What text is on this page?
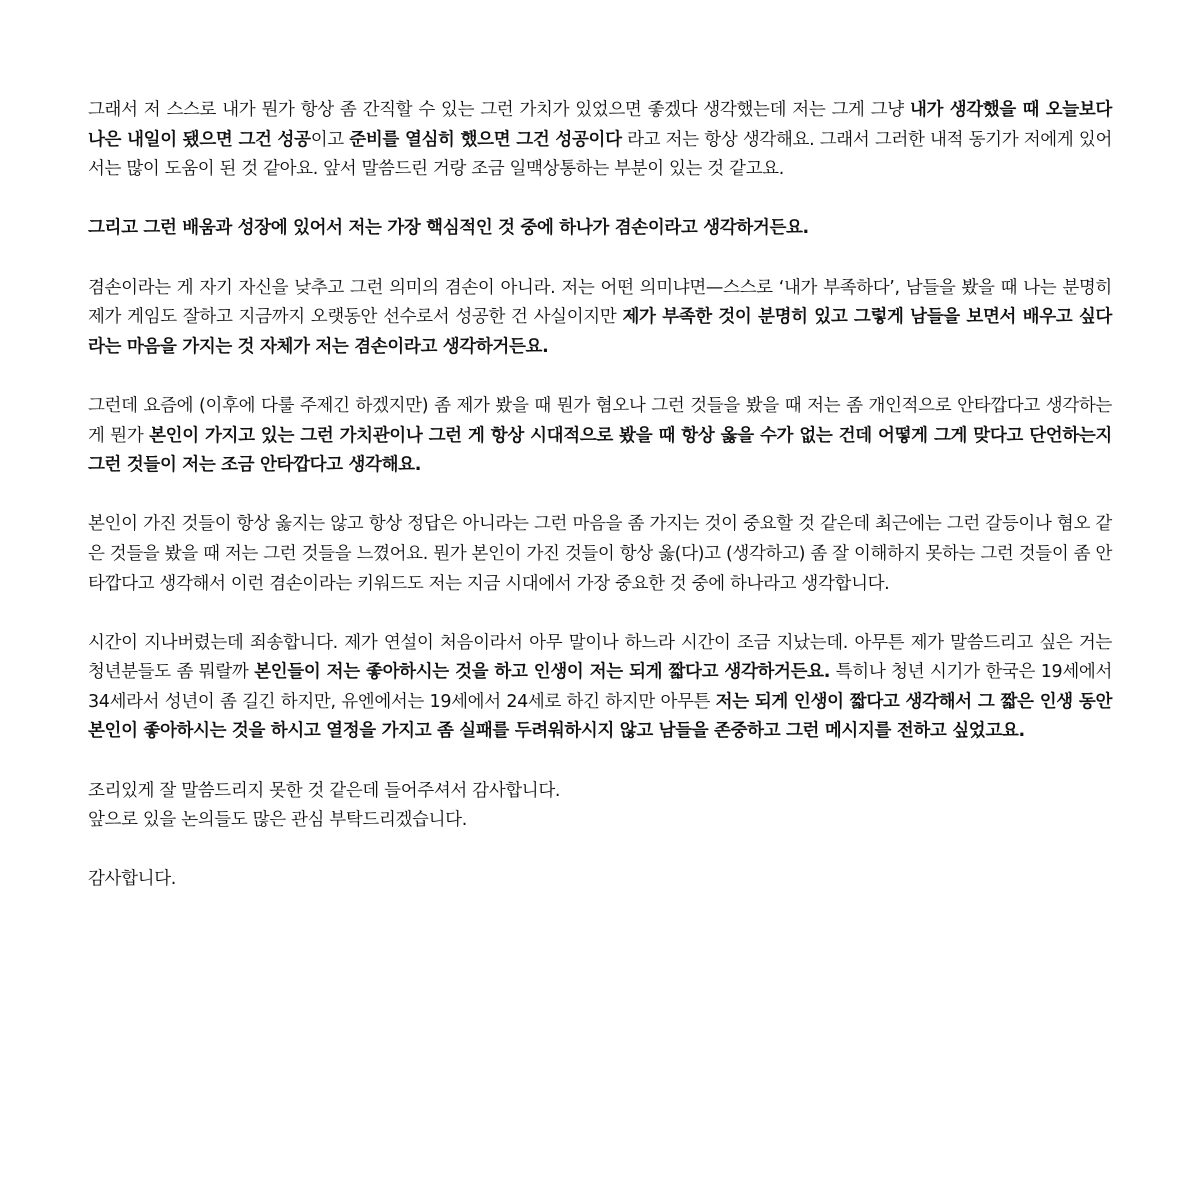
그래서 저 스스로 내가 뭔가 항상 좀 간직할 수 있는 그런 가치가 있었으면 좋겠다 생각했는데 저는 그게 그냥 내가 생각했을 때 오늘보다 나은 내일이 됐으면 그건 성공이고 준비를 열심히 했으면 그건 성공이다 라고 저는 항상 생각해요. 그래서 그러한 내적 동기가 저에게 있어서는 많이 도움이 된 것 같아요. 앞서 말씀드린 거랑 조금 일맥상통하는 부분이 있는 것 같고요.

그리고 그런 배움과 성장에 있어서 저는 가장 핵심적인 것 중에 하나가 겸손이라고 생각하거든요.

겸손이라는 게 자기 자신을 낮추고 그런 의미의 겸손이 아니라. 저는 어떤 의미냐면—스스로 ‘내가 부족하다’, 남들을 봤을 때 나는 분명히 제가 게임도 잘하고 지금까지 오랫동안 선수로서 성공한 건 사실이지만 제가 부족한 것이 분명히 있고 그렇게 남들을 보면서 배우고 싶다라는 마음을 가지는 것 자체가 저는 겸손이라고 생각하거든요.

그런데 요즘에 (이후에 다룰 주제긴 하겠지만) 좀 제가 봤을 때 뭔가 혐오나 그런 것들을 봤을 때 저는 좀 개인적으로 안타깝다고 생각하는 게 뭔가 본인이 가지고 있는 그런 가치관이나 그런 게 항상 시대적으로 봤을 때 항상 옳을 수가 없는 건데 어떻게 그게 맞다고 단언하는지 그런 것들이 저는 조금 안타깝다고 생각해요.

본인이 가진 것들이 항상 옳지는 않고 항상 정답은 아니라는 그런 마음을 좀 가지는 것이 중요할 것 같은데 최근에는 그런 갈등이나 혐오 같은 것들을 봤을 때 저는 그런 것들을 느꼈어요. 뭔가 본인이 가진 것들이 항상 옳(다)고 (생각하고) 좀 잘 이해하지 못하는 그런 것들이 좀 안타깝다고 생각해서 이런 겸손이라는 키워드도 저는 지금 시대에서 가장 중요한 것 중에 하나라고 생각합니다.

시간이 지나버렸는데 죄송합니다. 제가 연설이 처음이라서 아무 말이나 하느라 시간이 조금 지났는데. 아무튼 제가 말씀드리고 싶은 거는 청년분들도 좀 뭐랄까 본인들이 저는 좋아하시는 것을 하고 인생이 저는 되게 짧다고 생각하거든요. 특히나 청년 시기가 한국은 19세에서 34세라서 성년이 좀 길긴 하지만, 유엔에서는 19세에서 24세로 하긴 하지만 아무튼 저는 되게 인생이 짧다고 생각해서 그 짧은 인생 동안 본인이 좋아하시는 것을 하시고 열정을 가지고 좀 실패를 두려워하시지 않고 남들을 존중하고 그런 메시지를 전하고 싶었고요.

조리있게 잘 말씀드리지 못한 것 같은데 들어주셔서 감사합니다.
앞으로 있을 논의들도 많은 관심 부탁드리겠습니다.

감사합니다.
